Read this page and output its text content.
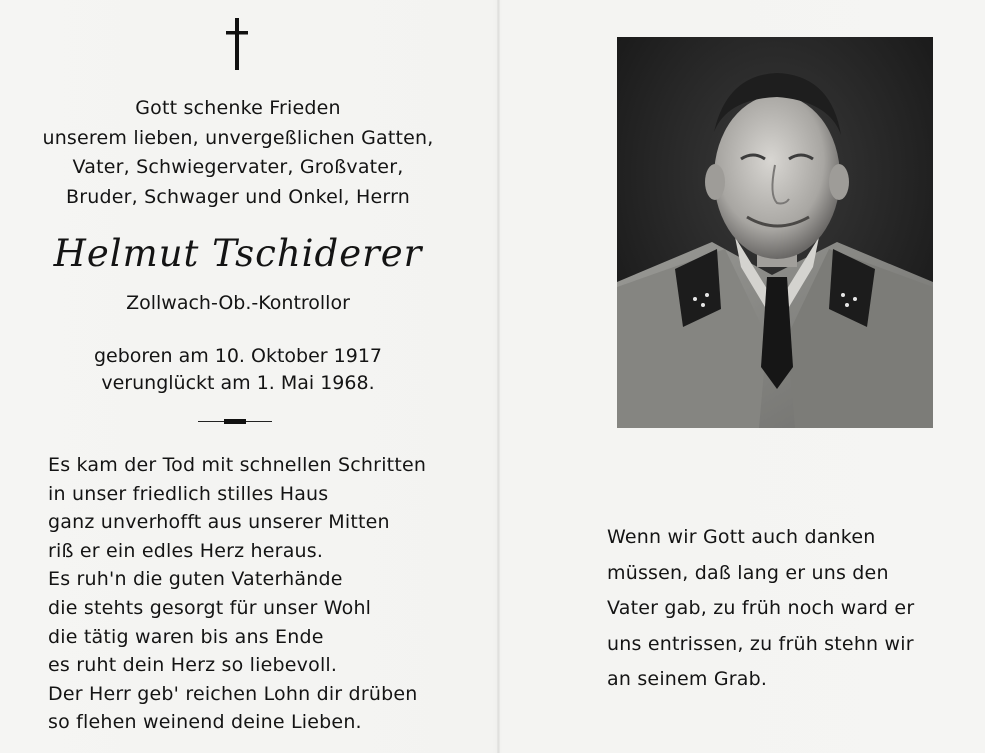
Gott schenke Frieden
unserem lieben, unvergeßlichen Gatten,
Vater, Schwiegervater, Großvater,
Bruder, Schwager und Onkel, Herrn
Helmut Tschiderer
Zollwach-Ob.-Kontrollor
geboren am 10. Oktober 1917
verunglückt am 1. Mai 1968.
Es kam der Tod mit schnellen Schritten
in unser friedlich stilles Haus
ganz unverhofft aus unserer Mitten
riß er ein edles Herz heraus.
Es ruh'n die guten Vaterhände
die stehts gesorgt für unser Wohl
die tätig waren bis ans Ende
es ruht dein Herz so liebevoll.
Der Herr geb' reichen Lohn dir drüben
so flehen weinend deine Lieben.
Wenn wir Gott auch danken
müssen, daß lang er uns den
Vater gab, zu früh noch ward er
uns entrissen, zu früh stehn wir
an seinem Grab.
